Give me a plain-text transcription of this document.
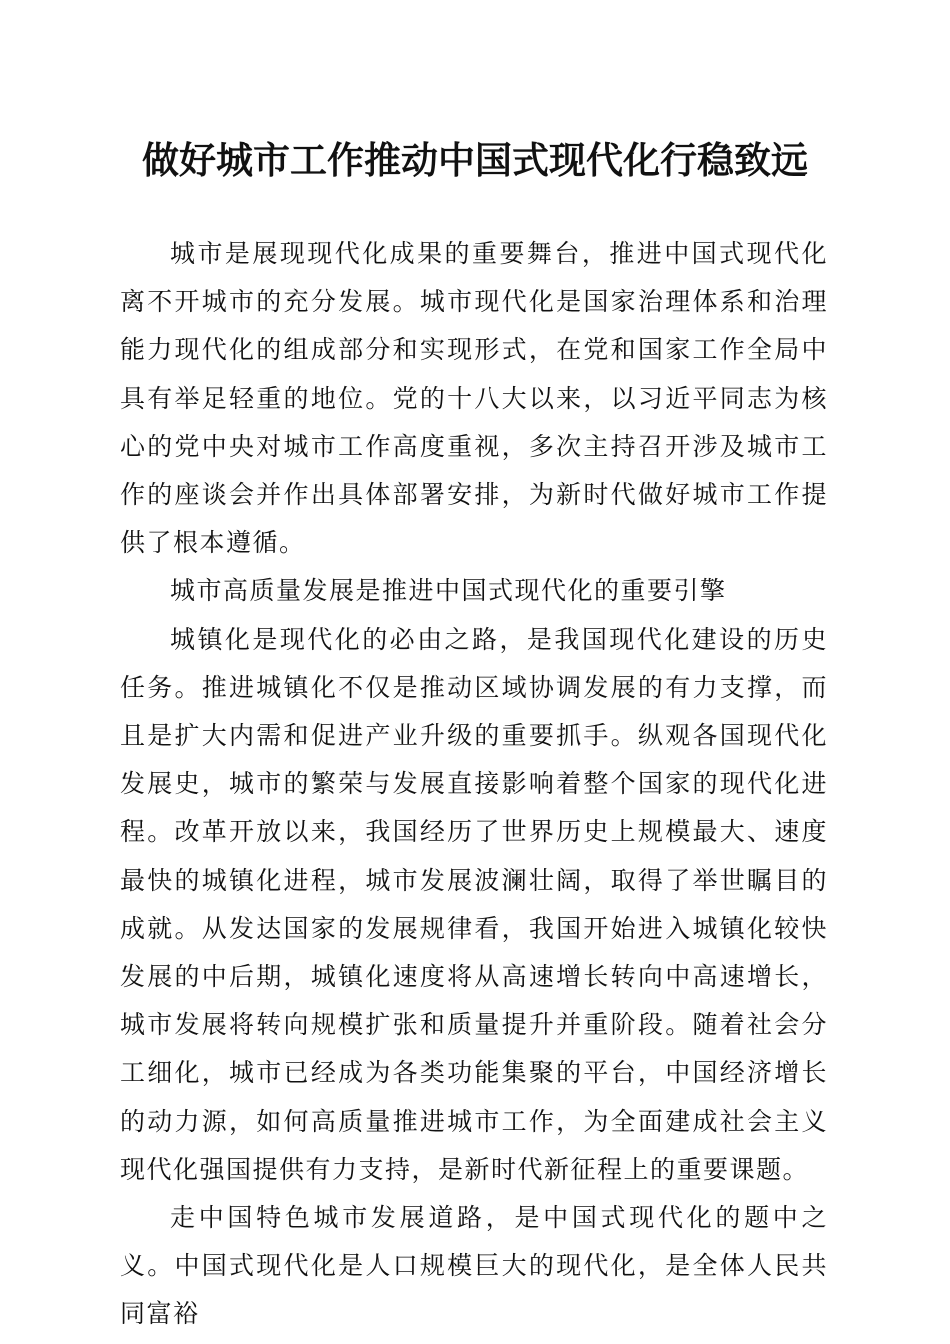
做好城市工作推动中国式现代化行稳致远

城市是展现现代化成果的重要舞台，推进中国式现代化离不开城市的充分发展。城市现代化是国家治理体系和治理能力现代化的组成部分和实现形式，在党和国家工作全局中具有举足轻重的地位。党的十八大以来，以习近平同志为核心的党中央对城市工作高度重视，多次主持召开涉及城市工作的座谈会并作出具体部署安排，为新时代做好城市工作提供了根本遵循。

城市高质量发展是推进中国式现代化的重要引擎

城镇化是现代化的必由之路，是我国现代化建设的历史任务。推进城镇化不仅是推动区域协调发展的有力支撑，而且是扩大内需和促进产业升级的重要抓手。纵观各国现代化发展史，城市的繁荣与发展直接影响着整个国家的现代化进程。改革开放以来，我国经历了世界历史上规模最大、速度最快的城镇化进程，城市发展波澜壮阔，取得了举世瞩目的成就。从发达国家的发展规律看，我国开始进入城镇化较快发展的中后期，城镇化速度将从高速增长转向中高速增长，城市发展将转向规模扩张和质量提升并重阶段。随着社会分工细化，城市已经成为各类功能集聚的平台，中国经济增长的动力源，如何高质量推进城市工作，为全面建成社会主义现代化强国提供有力支持，是新时代新征程上的重要课题。

走中国特色城市发展道路，是中国式现代化的题中之义。中国式现代化是人口规模巨大的现代化，是全体人民共同富裕
